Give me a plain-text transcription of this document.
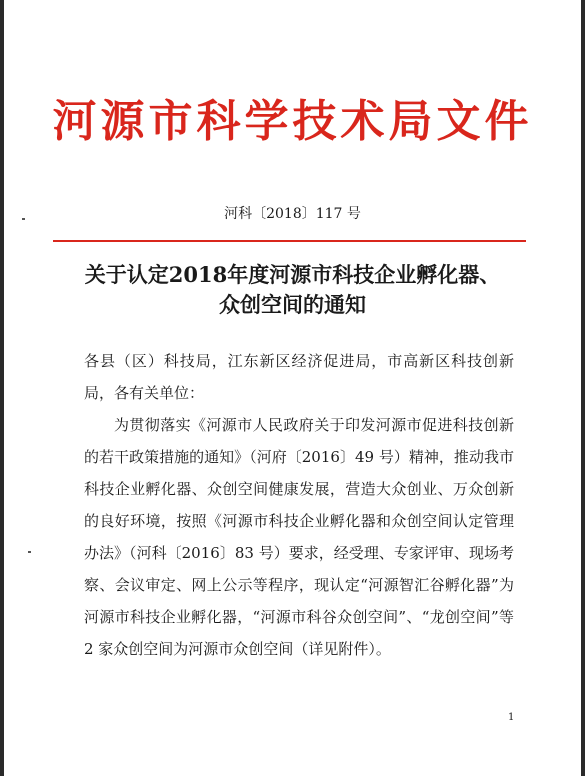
河源市科学技术局文件
河科〔2018〕117 号
关于认定2018年度河源市科技企业孵化器、
众创空间的通知

各县（区）科技局，江东新区经济促进局，市高新区科技创新局，各有关单位：

为贯彻落实《河源市人民政府关于印发河源市促进科技创新的若干政策措施的通知》（河府〔2016〕49 号）精神，推动我市科技企业孵化器、众创空间健康发展，营造大众创业、万众创新的良好环境，按照《河源市科技企业孵化器和众创空间认定管理办法》（河科〔2016〕83 号）要求，经受理、专家评审、现场考察、会议审定、网上公示等程序，现认定“河源智汇谷孵化器”为河源市科技企业孵化器，“河源市科谷众创空间”、“龙创空间”等 2 家众创空间为河源市众创空间（详见附件）。

1
